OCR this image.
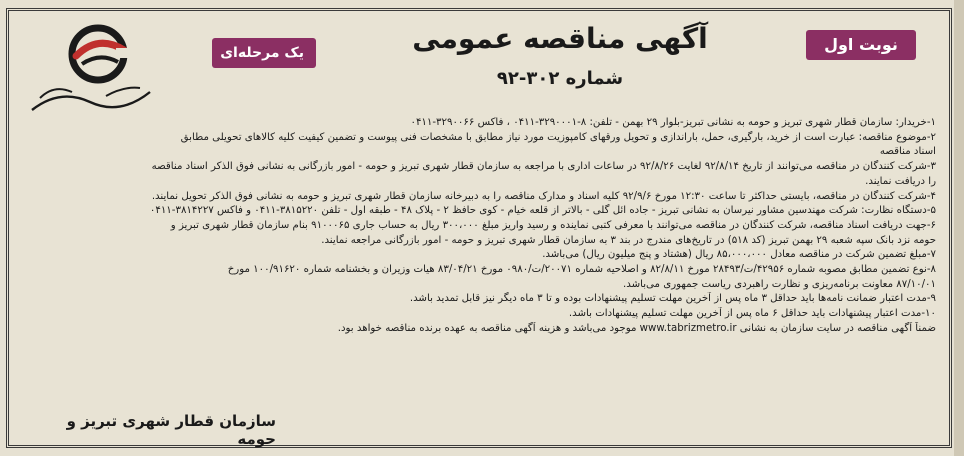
نوبت اول
یک مرحله‌ای	آگهی مناقصه عمومی
شماره ۳۰۲-۹۲
۱-خریدار: سازمان قطار شهری تبریز و حومه به نشانی تبریز-بلوار ۲۹ بهمن - تلفن: ۸-۳۲۹۰۰۰۱-۰۴۱۱ ، فاکس ۳۲۹۰۰۶۶-۰۴۱۱
۲-موضوع مناقصه: عبارت است از خرید، بارگیری، حمل، باراندازی و تحویل ورقهای کامپوزیت مورد نیاز مطابق با مشخصات فنی پیوست و تضمین کیفیت کلیه کالاهای تحویلی مطابق
اسناد مناقصه
۳-شرکت کنندگان در مناقصه می‌توانند از تاریخ ۹۲/۸/۱۴ لغایت ۹۲/۸/۲۶ در ساعات اداری با مراجعه به سازمان قطار شهری تبریز و حومه - امور بازرگانی به نشانی فوق الذکر اسناد مناقصه
را دریافت نمایند.
۴-شرکت کنندگان در مناقصه، بایستی حداکثر تا ساعت ۱۲:۳۰ مورخ ۹۲/۹/۶ کلیه اسناد و مدارک مناقصه را به دبیرخانه سازمان قطار شهری تبریز و حومه به نشانی فوق الذکر تحویل نمایند.
۵-دستگاه نظارت: شرکت مهندسین مشاور نیرسان به نشانی تبریز - جاده ائل گلی - بالاتر از قلعه خیام - کوی حافظ ۲ - پلاک ۴۸ - طبقه اول - تلفن ۳۸۱۵۲۲۰-۰۴۱۱ و فاکس ۳۸۱۴۲۲۷-۰۴۱۱
۶-جهت دریافت اسناد مناقصه، شرکت کنندگان در مناقصه می‌توانند با معرفی کتبی نماینده و رسید واریز مبلغ ۳۰۰،۰۰۰ ریال به حساب جاری ۹۱۰۰۰۶۵ بنام سازمان قطار شهری تبریز و
حومه نزد بانک سپه شعبه ۲۹ بهمن تبریز (کد ۵۱۸) در تاریخ‌های مندرج در بند ۳ به سازمان قطار شهری تبریز و حومه - امور بازرگانی مراجعه نمایند.
۷-مبلغ تضمین شرکت در مناقصه معادل ۸۵،۰۰۰،۰۰۰ ریال (هشتاد و پنج میلیون ریال) می‌باشد.
۸-نوع تضمین مطابق مصوبه شماره ۴۲۹۵۶/ت/۲۸۴۹۳ مورخ ۸۲/۸/۱۱ و اصلاحیه شماره ۲۰۰۷۱/ت/۰۹۸۰ مورخ ۸۳/۰۴/۲۱ هیات وزیران و بخشنامه شماره ۱۰۰/۹۱۶۲۰ مورخ
۸۷/۱۰/۰۱ معاونت برنامه‌ریزی و نظارت راهبردی ریاست جمهوری می‌باشد.
۹-مدت اعتبار ضمانت نامه‌ها باید حداقل ۳ ماه پس از آخرین مهلت تسلیم پیشنهادات بوده و تا ۳ ماه دیگر نیز قابل تمدید باشد.
۱۰-مدت اعتبار پیشنهادات باید حداقل ۶ ماه پس از آخرین مهلت تسلیم پیشنهادات باشد.
ضمناً آگهی مناقصه در سایت سازمان به نشانی www.tabrizmetro.ir موجود می‌باشد و هزینه آگهی مناقصه به عهده برنده مناقصه خواهد بود.
سازمان قطار شهری تبریز و حومه
